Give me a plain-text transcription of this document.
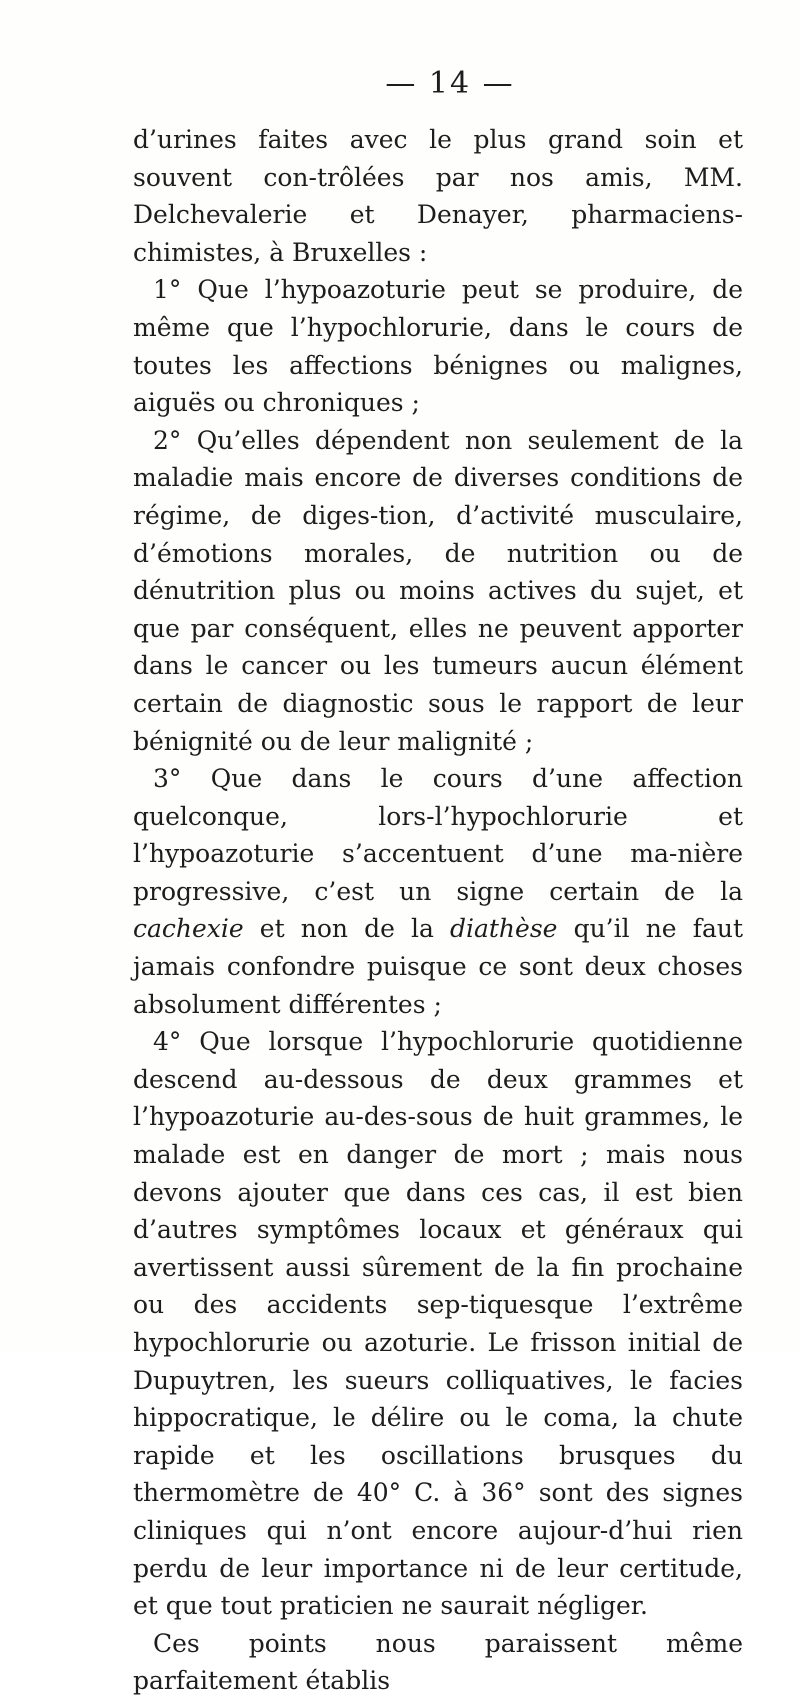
— 14 —

d’urines faites avec le plus grand soin et souvent con-trôlées par nos amis, MM. Delchevalerie et Denayer, pharmaciens-chimistes, à Bruxelles :

1° Que l’hypoazoturie peut se produire, de même que l’hypochlorurie, dans le cours de toutes les affections bénignes ou malignes, aiguës ou chroniques ;

2° Qu’elles dépendent non seulement de la maladie mais encore de diverses conditions de régime, de diges-tion, d’activité musculaire, d’émotions morales, de nutrition ou de dénutrition plus ou moins actives du sujet, et que par conséquent, elles ne peuvent apporter dans le cancer ou les tumeurs aucun élément certain de diagnostic sous le rapport de leur bénignité ou de leur malignité ;

3° Que dans le cours d’une affection quelconque, lors-l’hypochlorurie et l’hypoazoturie s’accentuent d’une ma-nière progressive, c’est un signe certain de la cachexie et non de la diathèse qu’il ne faut jamais confondre puisque ce sont deux choses absolument différentes ;

4° Que lorsque l’hypochlorurie quotidienne descend au-dessous de deux grammes et l’hypoazoturie au-des-sous de huit grammes, le malade est en danger de mort ; mais nous devons ajouter que dans ces cas, il est bien d’autres symptômes locaux et généraux qui avertissent aussi sûrement de la fin prochaine ou des accidents sep-tiquesque l’extrême hypochlorurie ou azoturie. Le frisson initial de Dupuytren, les sueurs colliquatives, le facies hippocratique, le délire ou le coma, la chute rapide et les oscillations brusques du thermomètre de 40° C. à 36° sont des signes cliniques qui n’ont encore aujour-d’hui rien perdu de leur importance ni de leur certitude, et que tout praticien ne saurait négliger.

Ces points nous paraissent même parfaitement établis
